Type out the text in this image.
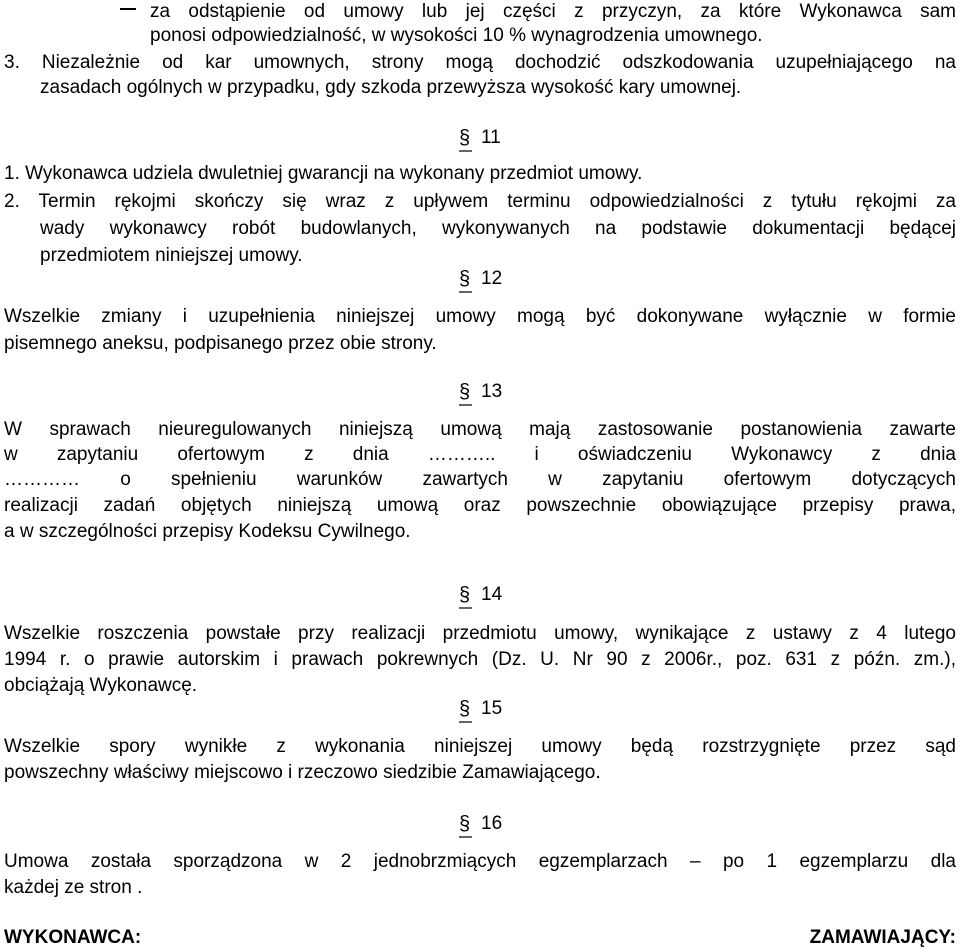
za odstąpienie od umowy lub jej części z przyczyn, za które Wykonawca sam
ponosi odpowiedzialność, w wysokości 10 % wynagrodzenia umownego.
3. Niezależnie od kar umownych, strony mogą dochodzić odszkodowania uzupełniającego na
zasadach ogólnych w przypadku, gdy szkoda przewyższa wysokość kary umownej.
§ 11
1. Wykonawca udziela dwuletniej gwarancji na wykonany przedmiot umowy.
2. Termin rękojmi skończy się wraz z upływem terminu odpowiedzialności z tytułu rękojmi za
wady wykonawcy robót budowlanych, wykonywanych na podstawie dokumentacji będącej
przedmiotem niniejszej umowy.
§ 12
Wszelkie zmiany i uzupełnienia niniejszej umowy mogą być dokonywane wyłącznie w formie
pisemnego aneksu, podpisanego przez obie strony.
§ 13
W sprawach nieuregulowanych niniejszą umową mają zastosowanie postanowienia zawarte
w zapytaniu ofertowym z dnia ……….. i oświadczeniu Wykonawcy z dnia
………… o spełnieniu warunków zawartych w zapytaniu ofertowym dotyczących
realizacji zadań objętych niniejszą umową oraz powszechnie obowiązujące przepisy prawa,
a w szczególności przepisy Kodeksu Cywilnego.
§ 14
Wszelkie roszczenia powstałe przy realizacji przedmiotu umowy, wynikające z ustawy z 4 lutego
1994 r. o prawie autorskim i prawach pokrewnych (Dz. U. Nr 90 z 2006r., poz. 631 z późn. zm.),
obciążają Wykonawcę.
§ 15
Wszelkie spory wynikłe z wykonania niniejszej umowy będą rozstrzygnięte przez sąd
powszechny właściwy miejscowo i rzeczowo siedzibie Zamawiającego.
§ 16
Umowa została sporządzona w 2 jednobrzmiących egzemplarzach – po 1 egzemplarzu dla
każdej ze stron .
WYKONAWCA:	ZAMAWIAJĄCY:
